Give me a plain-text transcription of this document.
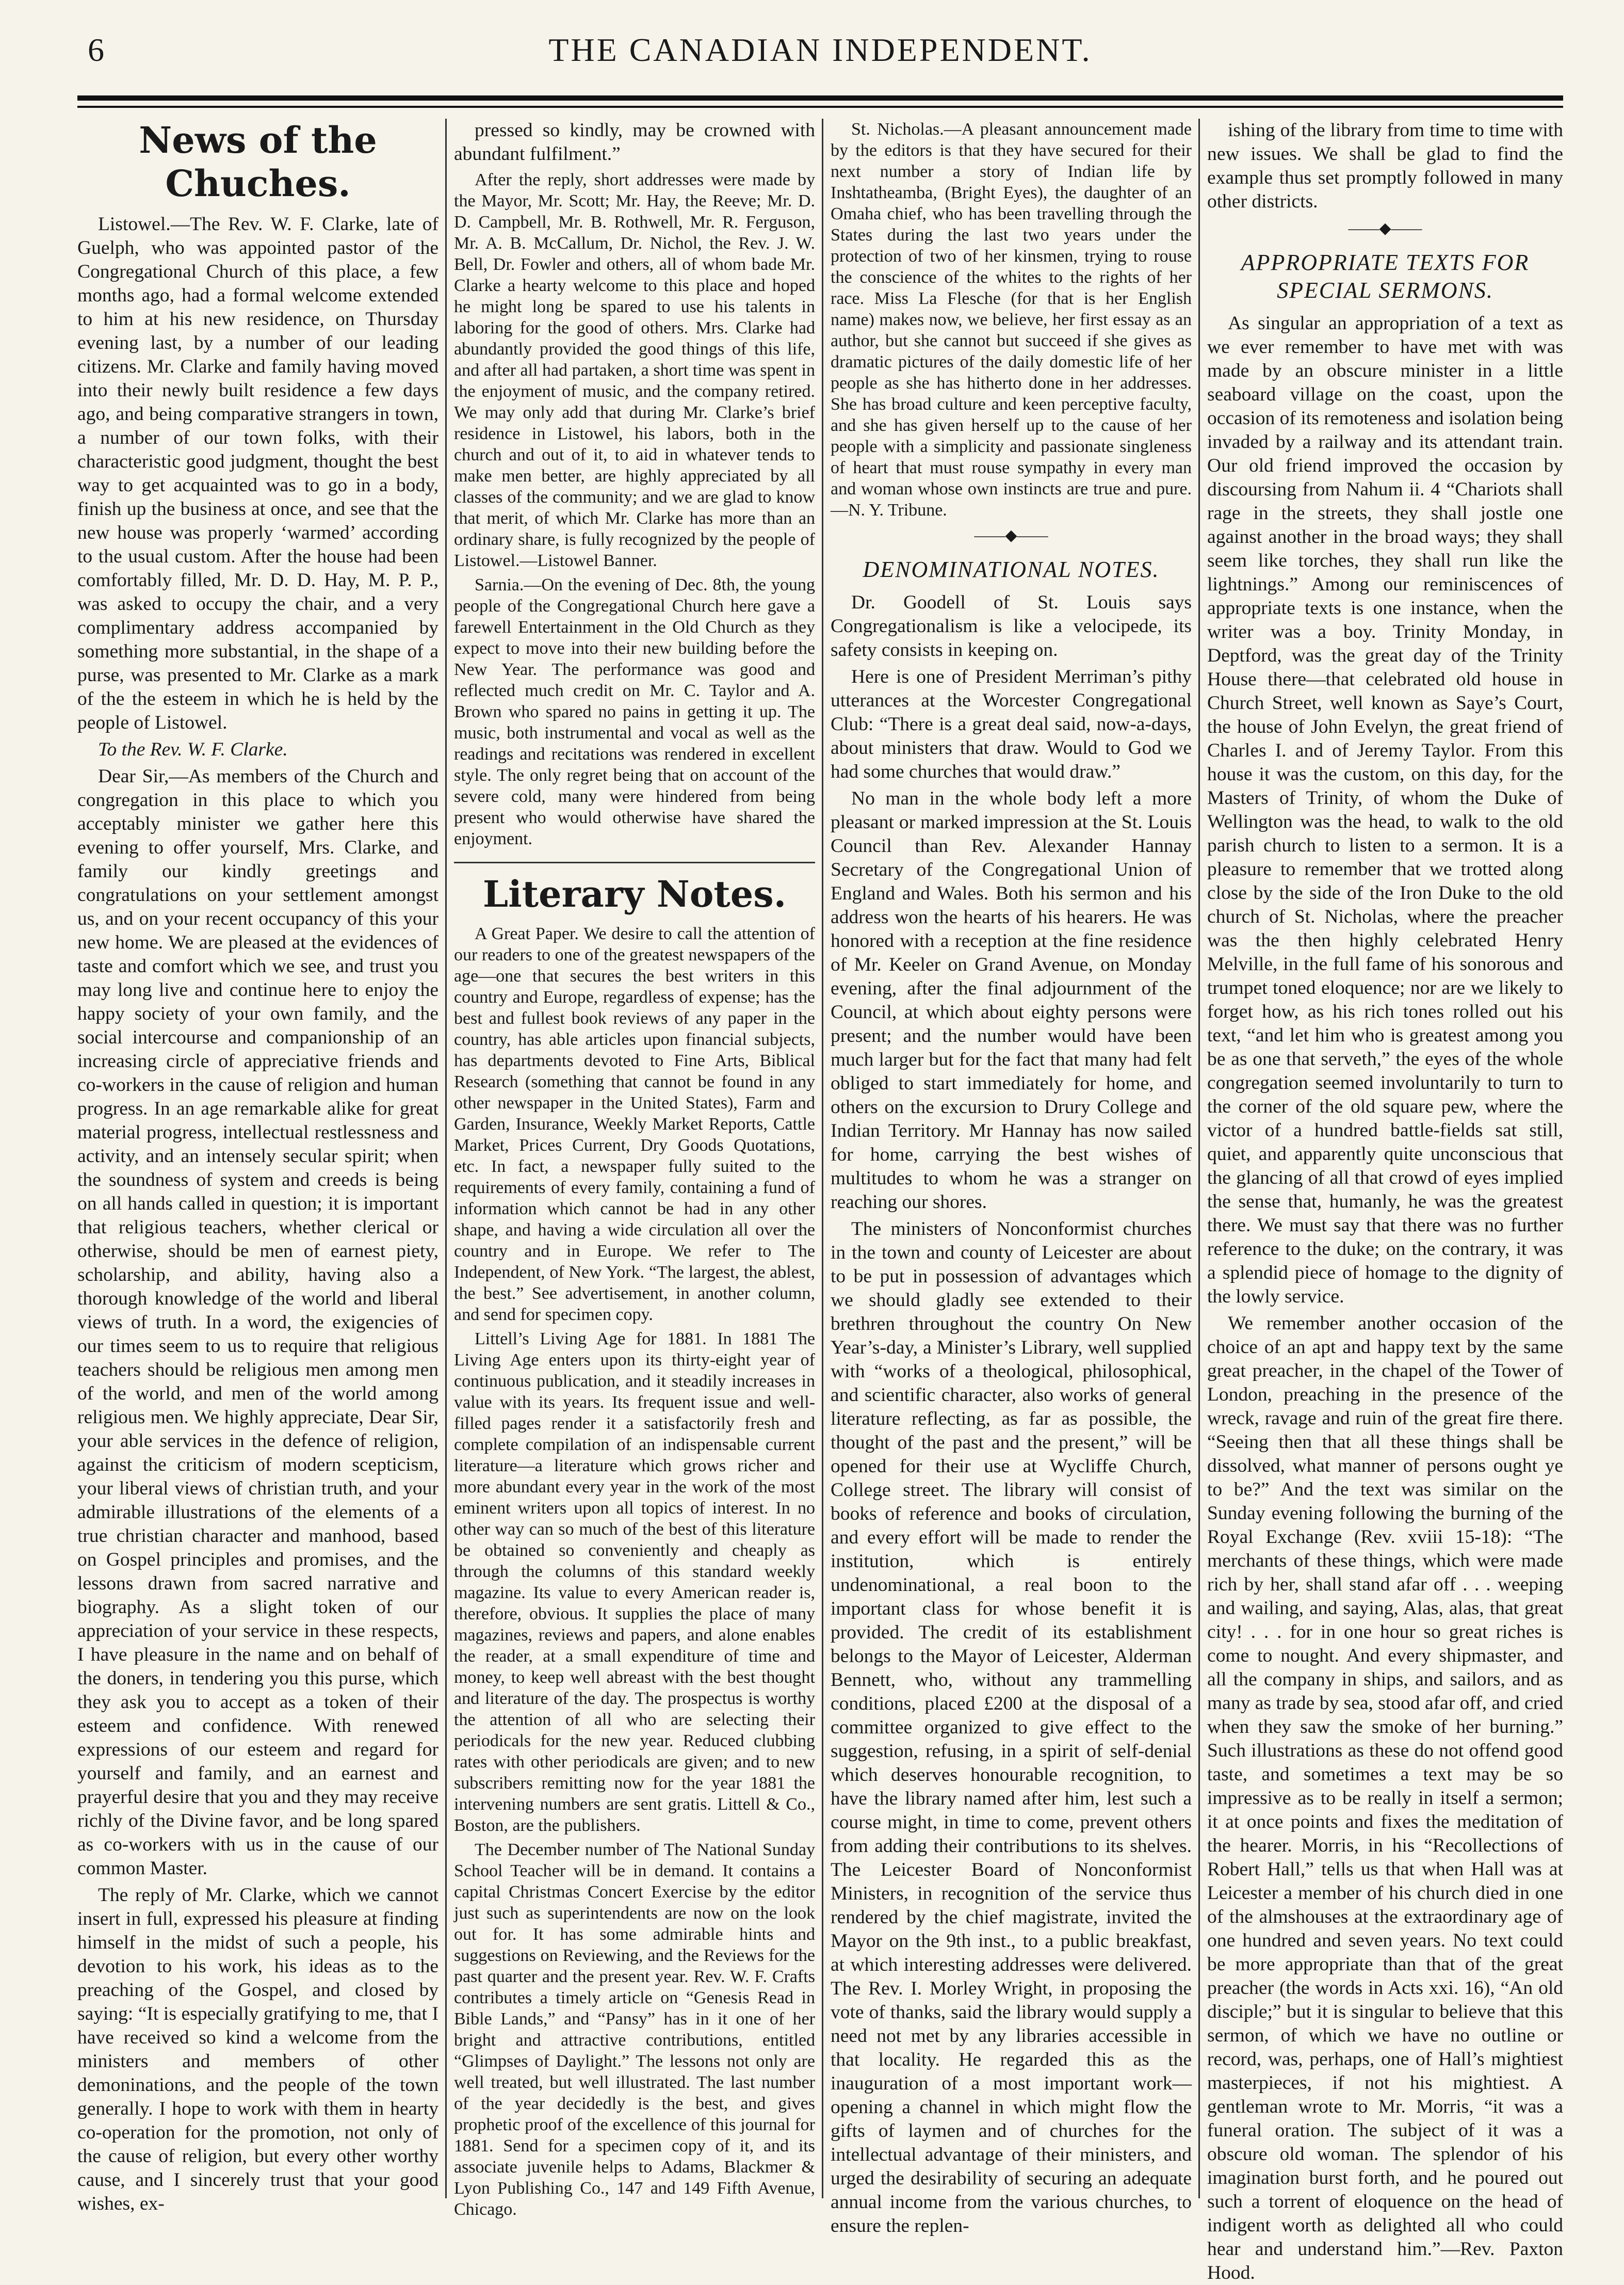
6	THE CANADIAN INDEPENDENT.
News of the Chuches.

Listowel.—The Rev. W. F. Clarke, late of Guelph, who was appointed pastor of the Congregational Church of this place, a few months ago, had a formal welcome extended to him at his new residence, on Thursday evening last, by a number of our leading citizens. Mr. Clarke and family having moved into their newly built residence a few days ago, and being comparative strangers in town, a number of our town folks, with their characteristic good judgment, thought the best way to get acquainted was to go in a body, finish up the business at once, and see that the new house was properly ‘warmed’ according to the usual custom. After the house had been comfortably filled, Mr. D. D. Hay, M. P. P., was asked to occupy the chair, and a very complimentary address accompanied by something more substantial, in the shape of a purse, was presented to Mr. Clarke as a mark of the the esteem in which he is held by the people of Listowel.

To the Rev. W. F. Clarke.

Dear Sir,—As members of the Church and congregation in this place to which you acceptably minister we gather here this evening to offer yourself, Mrs. Clarke, and family our kindly greetings and congratulations on your settlement amongst us, and on your recent occupancy of this your new home. We are pleased at the evidences of taste and comfort which we see, and trust you may long live and continue here to enjoy the happy society of your own family, and the social intercourse and companionship of an increasing circle of appreciative friends and co-workers in the cause of religion and human progress. In an age remarkable alike for great material progress, intellectual restlessness and activity, and an intensely secular spirit; when the soundness of system and creeds is being on all hands called in question; it is important that religious teachers, whether clerical or otherwise, should be men of earnest piety, scholarship, and ability, having also a thorough knowledge of the world and liberal views of truth. In a word, the exigencies of our times seem to us to require that religious teachers should be religious men among men of the world, and men of the world among religious men. We highly appreciate, Dear Sir, your able services in the defence of religion, against the criticism of modern scepticism, your liberal views of christian truth, and your admirable illustrations of the elements of a true christian character and manhood, based on Gospel principles and promises, and the lessons drawn from sacred narrative and biography. As a slight token of our appreciation of your service in these respects, I have pleasure in the name and on behalf of the doners, in tendering you this purse, which they ask you to accept as a token of their esteem and confidence. With renewed expressions of our esteem and regard for yourself and family, and an earnest and prayerful desire that you and they may receive richly of the Divine favor, and be long spared as co-workers with us in the cause of our common Master.

The reply of Mr. Clarke, which we cannot insert in full, expressed his pleasure at finding himself in the midst of such a people, his devotion to his work, his ideas as to the preaching of the Gospel, and closed by saying: “It is especially gratifying to me, that I have received so kind a welcome from the ministers and members of other demoninations, and the people of the town generally. I hope to work with them in hearty co-operation for the promotion, not only of the cause of religion, but every other worthy cause, and I sincerely trust that your good wishes, ex-

pressed so kindly, may be crowned with abundant fulfilment.”

After the reply, short addresses were made by the Mayor, Mr. Scott; Mr. Hay, the Reeve; Mr. D. D. Campbell, Mr. B. Rothwell, Mr. R. Ferguson, Mr. A. B. McCallum, Dr. Nichol, the Rev. J. W. Bell, Dr. Fowler and others, all of whom bade Mr. Clarke a hearty welcome to this place and hoped he might long be spared to use his talents in laboring for the good of others. Mrs. Clarke had abundantly provided the good things of this life, and after all had partaken, a short time was spent in the enjoyment of music, and the company retired. We may only add that during Mr. Clarke’s brief residence in Listowel, his labors, both in the church and out of it, to aid in whatever tends to make men better, are highly appreciated by all classes of the community; and we are glad to know that merit, of which Mr. Clarke has more than an ordinary share, is fully recognized by the people of Listowel.—Listowel Banner.

Sarnia.—On the evening of Dec. 8th, the young people of the Congregational Church here gave a farewell Entertainment in the Old Church as they expect to move into their new building before the New Year. The performance was good and reflected much credit on Mr. C. Taylor and A. Brown who spared no pains in getting it up. The music, both instrumental and vocal as well as the readings and recitations was rendered in excellent style. The only regret being that on account of the severe cold, many were hindered from being present who would otherwise have shared the enjoyment.

Literary Notes.

A Great Paper. We desire to call the attention of our readers to one of the greatest newspapers of the age—one that secures the best writers in this country and Europe, regardless of expense; has the best and fullest book reviews of any paper in the country, has able articles upon financial subjects, has departments devoted to Fine Arts, Biblical Research (something that cannot be found in any other newspaper in the United States), Farm and Garden, Insurance, Weekly Market Reports, Cattle Market, Prices Current, Dry Goods Quotations, etc. In fact, a newspaper fully suited to the requirements of every family, containing a fund of information which cannot be had in any other shape, and having a wide circulation all over the country and in Europe. We refer to The Independent, of New York. “The largest, the ablest, the best.” See advertisement, in another column, and send for specimen copy.

Littell’s Living Age for 1881. In 1881 The Living Age enters upon its thirty-eight year of continuous publication, and it steadily increases in value with its years. Its frequent issue and well-filled pages render it a satisfactorily fresh and complete compilation of an indispensable current literature—a literature which grows richer and more abundant every year in the work of the most eminent writers upon all topics of interest. In no other way can so much of the best of this literature be obtained so conveniently and cheaply as through the columns of this standard weekly magazine. Its value to every American reader is, therefore, obvious. It supplies the place of many magazines, reviews and papers, and alone enables the reader, at a small expenditure of time and money, to keep well abreast with the best thought and literature of the day. The prospectus is worthy the attention of all who are selecting their periodicals for the new year. Reduced clubbing rates with other periodicals are given; and to new subscribers remitting now for the year 1881 the intervening numbers are sent gratis. Littell & Co., Boston, are the publishers.

The December number of The National Sunday School Teacher will be in demand. It contains a capital Christmas Concert Exercise by the editor just such as superintendents are now on the look out for. It has some admirable hints and suggestions on Reviewing, and the Reviews for the past quarter and the present year. Rev. W. F. Crafts contributes a timely article on “Genesis Read in Bible Lands,” and “Pansy” has in it one of her bright and attractive contributions, entitled “Glimpses of Daylight.” The lessons not only are well treated, but well illustrated. The last number of the year decidedly is the best, and gives prophetic proof of the excellence of this journal for 1881. Send for a specimen copy of it, and its associate juvenile helps to Adams, Blackmer & Lyon Publishing Co., 147 and 149 Fifth Avenue, Chicago.

St. Nicholas.—A pleasant announcement made by the editors is that they have secured for their next number a story of Indian life by Inshtatheamba, (Bright Eyes), the daughter of an Omaha chief, who has been travelling through the States during the last two years under the protection of two of her kinsmen, trying to rouse the conscience of the whites to the rights of her race. Miss La Flesche (for that is her English name) makes now, we believe, her first essay as an author, but she cannot but succeed if she gives as dramatic pictures of the daily domestic life of her people as she has hitherto done in her addresses. She has broad culture and keen perceptive faculty, and she has given herself up to the cause of her people with a simplicity and passionate singleness of heart that must rouse sympathy in every man and woman whose own instincts are true and pure.—N. Y. Tribune.

——◆——
DENOMINATIONAL NOTES.

Dr. Goodell of St. Louis says Congregationalism is like a velocipede, its safety consists in keeping on.

Here is one of President Merriman’s pithy utterances at the Worcester Congregational Club: “There is a great deal said, now-a-days, about ministers that draw. Would to God we had some churches that would draw.”

No man in the whole body left a more pleasant or marked impression at the St. Louis Council than Rev. Alexander Hannay Secretary of the Congregational Union of England and Wales. Both his sermon and his address won the hearts of his hearers. He was honored with a reception at the fine residence of Mr. Keeler on Grand Avenue, on Monday evening, after the final adjournment of the Council, at which about eighty persons were present; and the number would have been much larger but for the fact that many had felt obliged to start immediately for home, and others on the excursion to Drury College and Indian Territory. Mr Hannay has now sailed for home, carrying the best wishes of multitudes to whom he was a stranger on reaching our shores.

The ministers of Nonconformist churches in the town and county of Leicester are about to be put in possession of advantages which we should gladly see extended to their brethren throughout the country On New Year’s-day, a Minister’s Library, well supplied with “works of a theological, philosophical, and scientific character, also works of general literature reflecting, as far as possible, the thought of the past and the present,” will be opened for their use at Wycliffe Church, College street. The library will consist of books of reference and books of circulation, and every effort will be made to render the institution, which is entirely undenominational, a real boon to the important class for whose benefit it is provided. The credit of its establishment belongs to the Mayor of Leicester, Alderman Bennett, who, without any trammelling conditions, placed £200 at the disposal of a committee organized to give effect to the suggestion, refusing, in a spirit of self-denial which deserves honourable recognition, to have the library named after him, lest such a course might, in time to come, prevent others from adding their contributions to its shelves. The Leicester Board of Nonconformist Ministers, in recognition of the service thus rendered by the chief magistrate, invited the Mayor on the 9th inst., to a public breakfast, at which interesting addresses were delivered. The Rev. I. Morley Wright, in proposing the vote of thanks, said the library would supply a need not met by any libraries accessible in that locality. He regarded this as the inauguration of a most important work—opening a channel in which might flow the gifts of laymen and of churches for the intellectual advantage of their ministers, and urged the desirability of securing an adequate annual income from the various churches, to ensure the replen-

ishing of the library from time to time with new issues. We shall be glad to find the example thus set promptly followed in many other districts.

——◆——
APPROPRIATE TEXTS FOR SPECIAL SERMONS.

As singular an appropriation of a text as we ever remember to have met with was made by an obscure minister in a little seaboard village on the coast, upon the occasion of its remoteness and isolation being invaded by a railway and its attendant train. Our old friend improved the occasion by discoursing from Nahum ii. 4 “Chariots shall rage in the streets, they shall jostle one against another in the broad ways; they shall seem like torches, they shall run like the lightnings.” Among our reminiscences of appropriate texts is one instance, when the writer was a boy. Trinity Monday, in Deptford, was the great day of the Trinity House there—that celebrated old house in Church Street, well known as Saye’s Court, the house of John Evelyn, the great friend of Charles I. and of Jeremy Taylor. From this house it was the custom, on this day, for the Masters of Trinity, of whom the Duke of Wellington was the head, to walk to the old parish church to listen to a sermon. It is a pleasure to remember that we trotted along close by the side of the Iron Duke to the old church of St. Nicholas, where the preacher was the then highly celebrated Henry Melville, in the full fame of his sonorous and trumpet toned eloquence; nor are we likely to forget how, as his rich tones rolled out his text, “and let him who is greatest among you be as one that serveth,” the eyes of the whole congregation seemed involuntarily to turn to the corner of the old square pew, where the victor of a hundred battle-fields sat still, quiet, and apparently quite unconscious that the glancing of all that crowd of eyes implied the sense that, humanly, he was the greatest there. We must say that there was no further reference to the duke; on the contrary, it was a splendid piece of homage to the dignity of the lowly service.

We remember another occasion of the choice of an apt and happy text by the same great preacher, in the chapel of the Tower of London, preaching in the presence of the wreck, ravage and ruin of the great fire there. “Seeing then that all these things shall be dissolved, what manner of persons ought ye to be?” And the text was similar on the Sunday evening following the burning of the Royal Exchange (Rev. xviii 15-18): “The merchants of these things, which were made rich by her, shall stand afar off . . . weeping and wailing, and saying, Alas, alas, that great city! . . . for in one hour so great riches is come to nought. And every shipmaster, and all the company in ships, and sailors, and as many as trade by sea, stood afar off, and cried when they saw the smoke of her burning.” Such illustrations as these do not offend good taste, and sometimes a text may be so impressive as to be really in itself a sermon; it at once points and fixes the meditation of the hearer. Morris, in his “Recollections of Robert Hall,” tells us that when Hall was at Leicester a member of his church died in one of the almshouses at the extraordinary age of one hundred and seven years. No text could be more appropriate than that of the great preacher (the words in Acts xxi. 16), “An old disciple;” but it is singular to believe that this sermon, of which we have no outline or record, was, perhaps, one of Hall’s mightiest masterpieces, if not his mightiest. A gentleman wrote to Mr. Morris, “it was a funeral oration. The subject of it was a obscure old woman. The splendor of his imagination burst forth, and he poured out such a torrent of eloquence on the head of indigent worth as delighted all who could hear and understand him.”—Rev. Paxton Hood.
